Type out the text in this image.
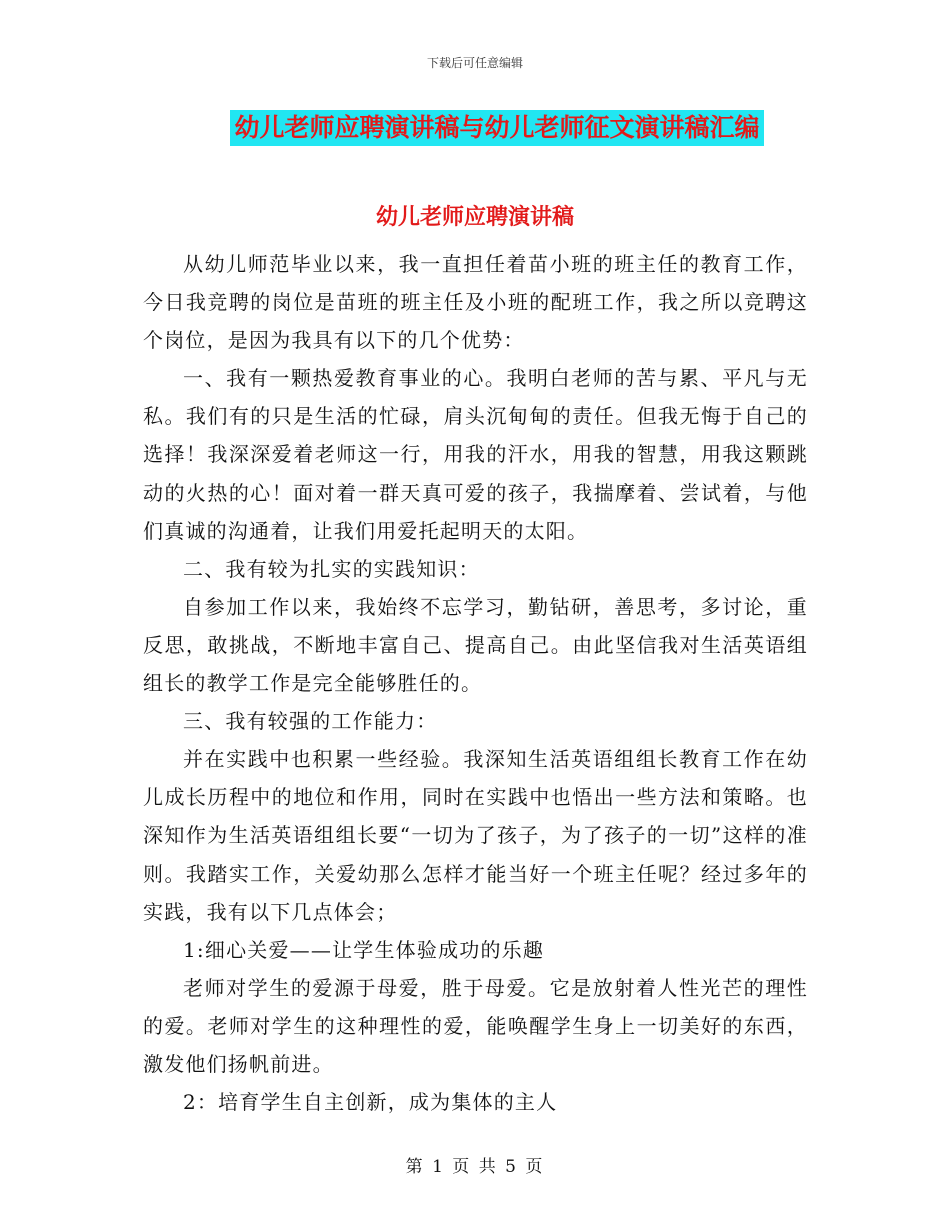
下载后可任意编辑
幼儿老师应聘演讲稿与幼儿老师征文演讲稿汇编
幼儿老师应聘演讲稿

从幼儿师范毕业以来，我一直担任着苗小班的班主任的教育工作，今日我竞聘的岗位是苗班的班主任及小班的配班工作，我之所以竞聘这个岗位，是因为我具有以下的几个优势：

一、我有一颗热爱教育事业的心。我明白老师的苦与累、平凡与无私。我们有的只是生活的忙碌，肩头沉甸甸的责任。但我无悔于自己的选择！我深深爱着老师这一行，用我的汗水，用我的智慧，用我这颗跳动的火热的心！面对着一群天真可爱的孩子，我揣摩着、尝试着，与他们真诚的沟通着，让我们用爱托起明天的太阳。

二、我有较为扎实的实践知识：

自参加工作以来，我始终不忘学习，勤钻研，善思考，多讨论，重反思，敢挑战，不断地丰富自己、提高自己。由此坚信我对生活英语组组长的教学工作是完全能够胜任的。

三、我有较强的工作能力：

并在实践中也积累一些经验。我深知生活英语组组长教育工作在幼儿成长历程中的地位和作用，同时在实践中也悟出一些方法和策略。也深知作为生活英语组组长要“一切为了孩子，为了孩子的一切”这样的准则。我踏实工作，关爱幼那么怎样才能当好一个班主任呢？经过多年的实践，我有以下几点体会；

1:细心关爱——让学生体验成功的乐趣

老师对学生的爱源于母爱，胜于母爱。它是放射着人性光芒的理性的爱。老师对学生的这种理性的爱，能唤醒学生身上一切美好的东西，激发他们扬帆前进。

2：培育学生自主创新，成为集体的主人

第 1 页 共 5 页
